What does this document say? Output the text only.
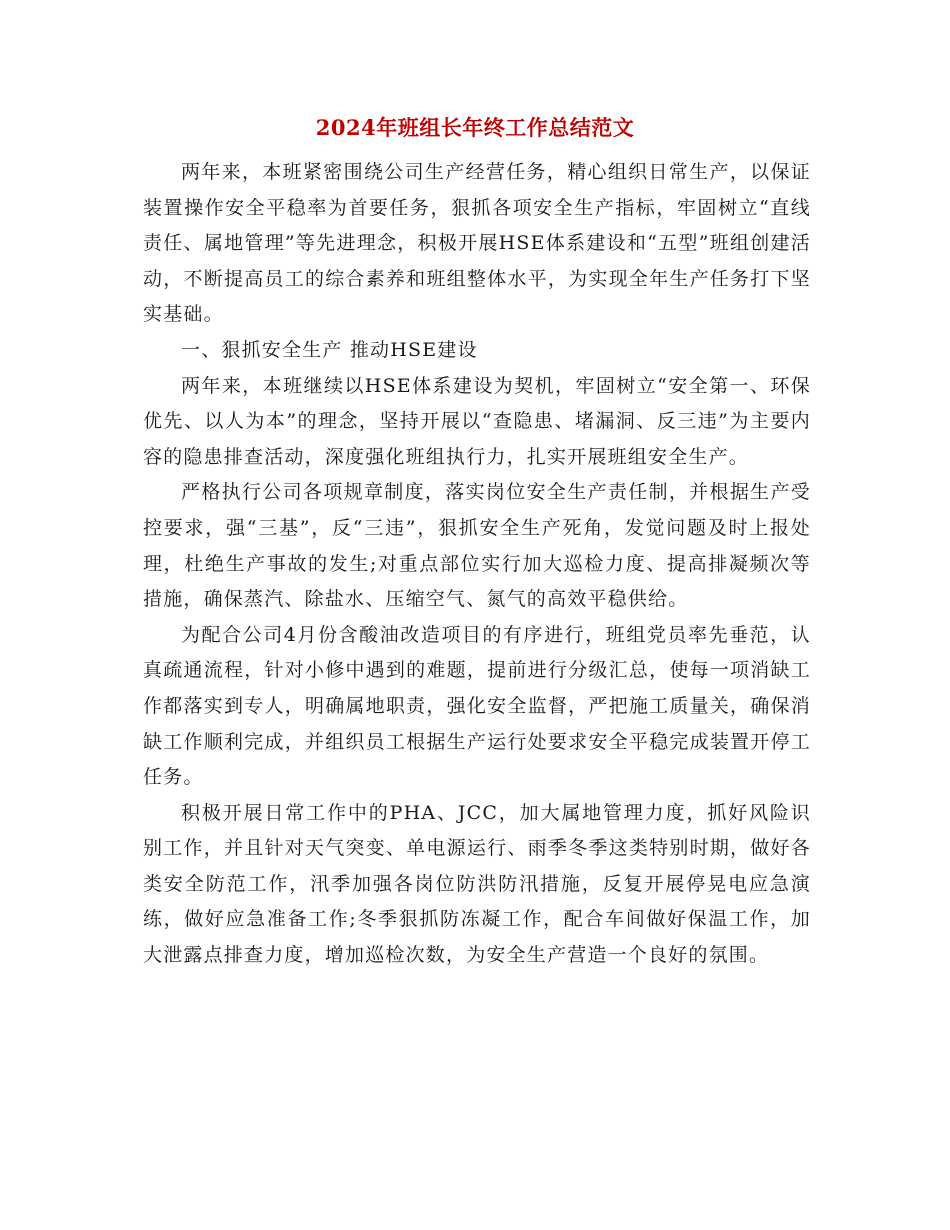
2024年班组长年终工作总结范文

两年来，本班紧密围绕公司生产经营任务，精心组织日常生产，以保证装置操作安全平稳率为首要任务，狠抓各项安全生产指标，牢固树立“直线责任、属地管理”等先进理念，积极开展HSE体系建设和“五型”班组创建活动，不断提高员工的综合素养和班组整体水平，为实现全年生产任务打下坚实基础。

一、狠抓安全生产 推动HSE建设

两年来，本班继续以HSE体系建设为契机，牢固树立“安全第一、环保优先、以人为本”的理念，坚持开展以“查隐患、堵漏洞、反三违”为主要内容的隐患排查活动，深度强化班组执行力，扎实开展班组安全生产。

严格执行公司各项规章制度，落实岗位安全生产责任制，并根据生产受控要求，强“三基”，反“三违”，狠抓安全生产死角，发觉问题及时上报处理，杜绝生产事故的发生;对重点部位实行加大巡检力度、提高排凝频次等措施，确保蒸汽、除盐水、压缩空气、氮气的高效平稳供给。

为配合公司4月份含酸油改造项目的有序进行，班组党员率先垂范，认真疏通流程，针对小修中遇到的难题，提前进行分级汇总，使每一项消缺工作都落实到专人，明确属地职责，强化安全监督，严把施工质量关，确保消缺工作顺利完成，并组织员工根据生产运行处要求安全平稳完成装置开停工任务。

积极开展日常工作中的PHA、JCC，加大属地管理力度，抓好风险识别工作，并且针对天气突变、单电源运行、雨季冬季这类特别时期，做好各类安全防范工作，汛季加强各岗位防洪防汛措施，反复开展停晃电应急演练，做好应急准备工作;冬季狠抓防冻凝工作，配合车间做好保温工作，加大泄露点排查力度，增加巡检次数，为安全生产营造一个良好的氛围。
